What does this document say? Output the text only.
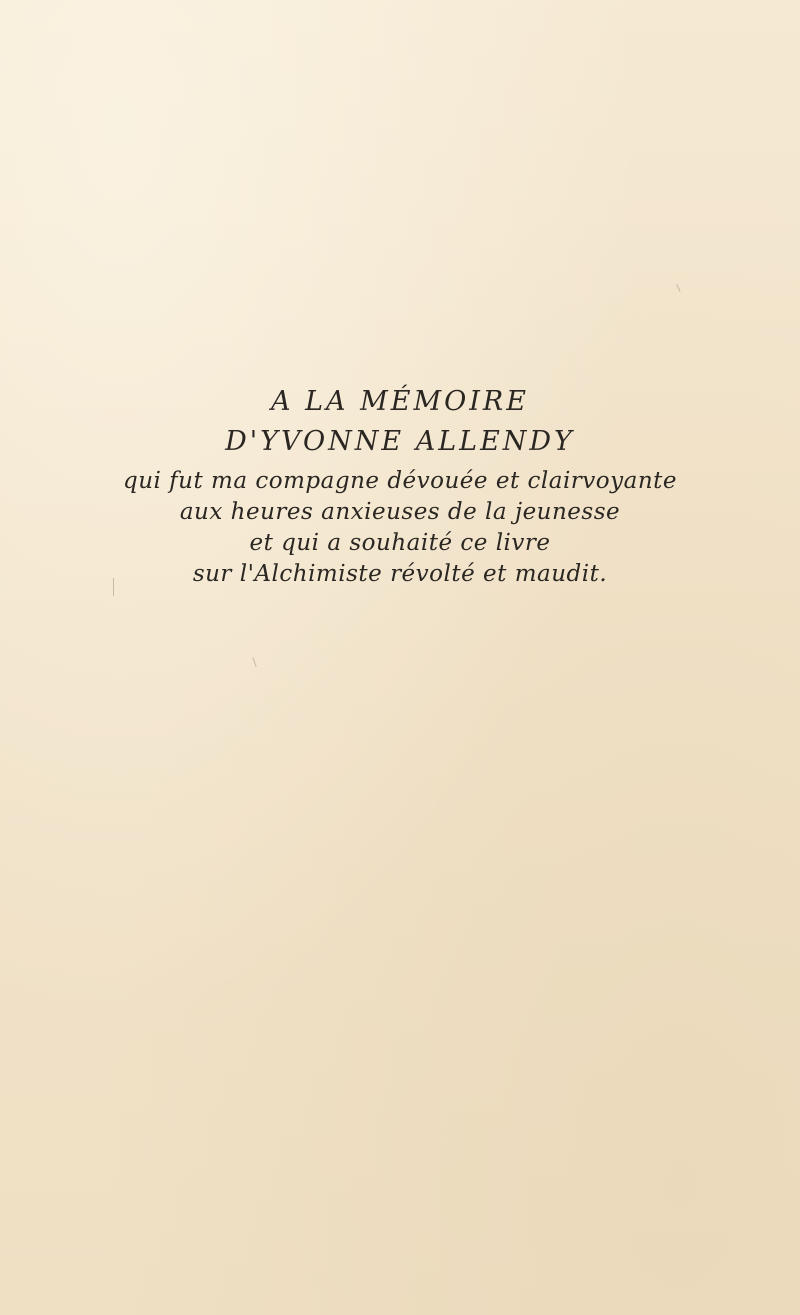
A LA MÉMOIRE

D'YVONNE ALLENDY

qui fut ma compagne dévouée et clairvoyante

aux heures anxieuses de la jeunesse

et qui a souhaité ce livre

sur l'Alchimiste révolté et maudit.
